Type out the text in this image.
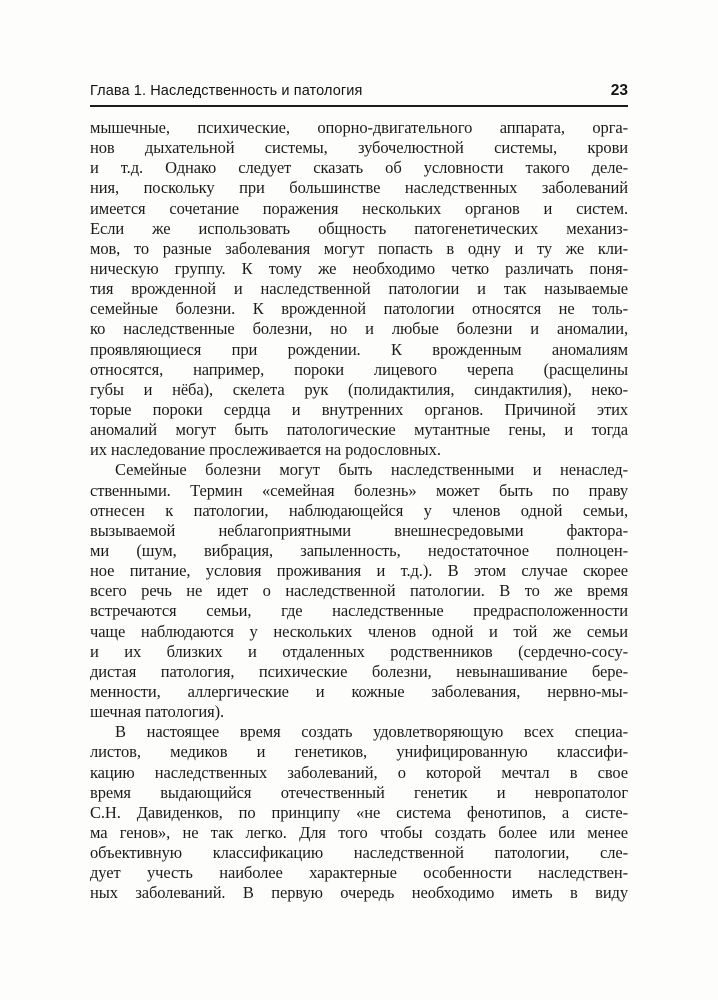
Глава 1. Наследственность и патология	23
мышечные, психические, опорно-двигательного аппарата, орга-
нов дыхательной системы, зубочелюстной системы, крови
и т.д. Однако следует сказать об условности такого деле-
ния, поскольку при большинстве наследственных заболеваний
имеется сочетание поражения нескольких органов и систем.
Если же использовать общность патогенетических механиз-
мов, то разные заболевания могут попасть в одну и ту же кли-
ническую группу. К тому же необходимо четко различать поня-
тия врожденной и наследственной патологии и так называемые
семейные болезни. К врожденной патологии относятся не толь-
ко наследственные болезни, но и любые болезни и аномалии,
проявляющиеся при рождении. К врожденным аномалиям
относятся, например, пороки лицевого черепа (расщелины
губы и нёба), скелета рук (полидактилия, синдактилия), неко-
торые пороки сердца и внутренних органов. Причиной этих
аномалий могут быть патологические мутантные гены, и тогда
их наследование прослеживается на родословных.
Семейные болезни могут быть наследственными и ненаслед-
ственными. Термин «семейная болезнь» может быть по праву
отнесен к патологии, наблюдающейся у членов одной семьи,
вызываемой неблагоприятными внешнесредовыми фактора-
ми (шум, вибрация, запыленность, недостаточное полноцен-
ное питание, условия проживания и т.д.). В этом случае скорее
всего речь не идет о наследственной патологии. В то же время
встречаются семьи, где наследственные предрасположенности
чаще наблюдаются у нескольких членов одной и той же семьи
и их близких и отдаленных родственников (сердечно-сосу-
дистая патология, психические болезни, невынашивание бере-
менности, аллергические и кожные заболевания, нервно-мы-
шечная патология).
В настоящее время создать удовлетворяющую всех специа-
листов, медиков и генетиков, унифицированную классифи-
кацию наследственных заболеваний, о которой мечтал в свое
время выдающийся отечественный генетик и невропатолог
С.Н. Давиденков, по принципу «не система фенотипов, а систе-
ма генов», не так легко. Для того чтобы создать более или менее
объективную классификацию наследственной патологии, сле-
дует учесть наиболее характерные особенности наследствен-
ных заболеваний. В первую очередь необходимо иметь в виду
